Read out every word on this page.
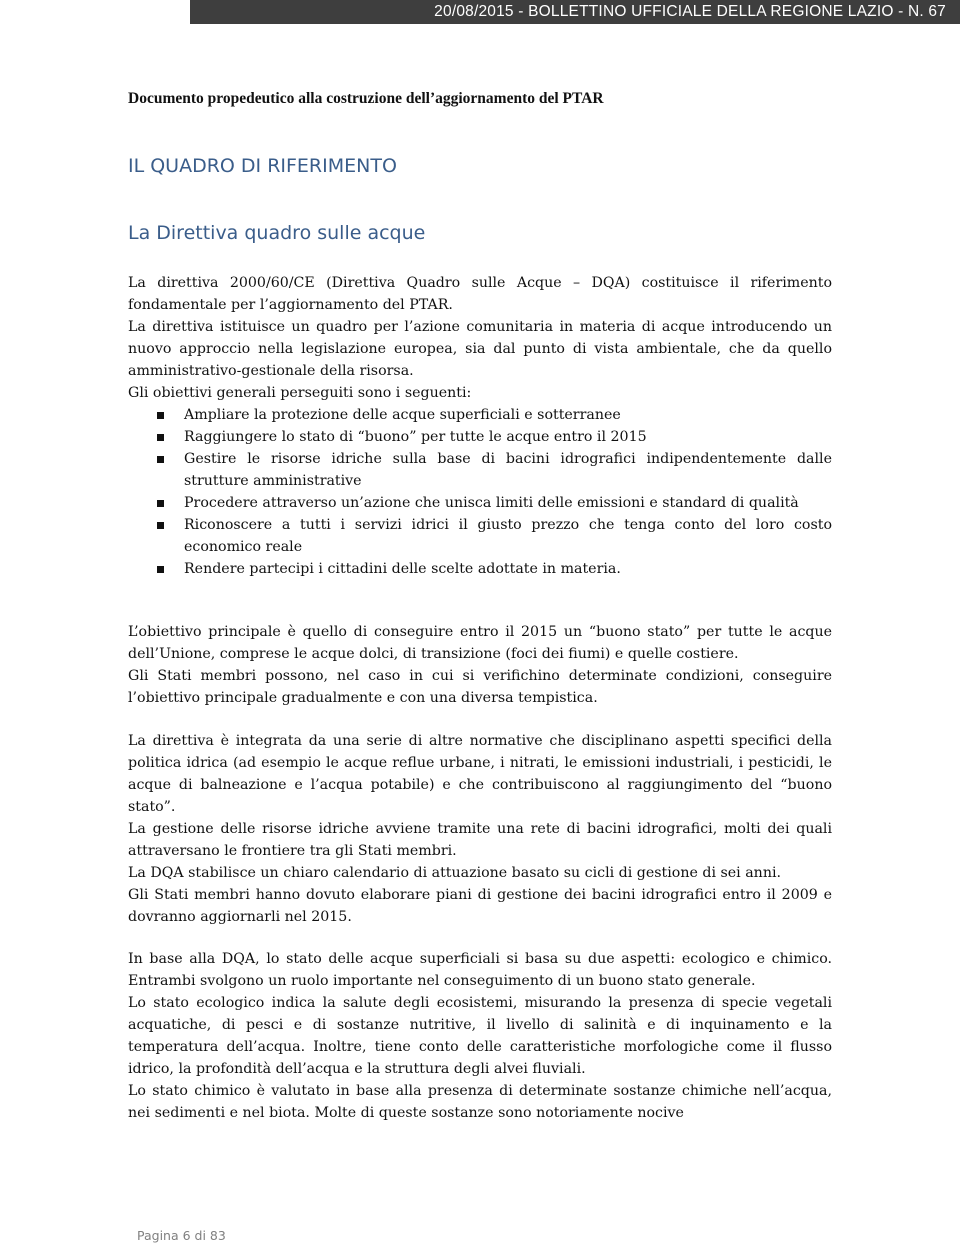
20/08/2015 - BOLLETTINO UFFICIALE DELLA REGIONE LAZIO - N. 67
Documento propedeutico alla costruzione dell’aggiornamento del PTAR
IL QUADRO DI RIFERIMENTO
La Direttiva quadro sulle acque

La direttiva 2000/60/CE (Direttiva Quadro sulle Acque – DQA) costituisce il riferimento fondamentale per l’aggiornamento del PTAR.

La direttiva istituisce un quadro per l’azione comunitaria in materia di acque introducendo un nuovo approccio nella legislazione europea, sia dal punto di vista ambientale, che da quello amministrativo-gestionale della risorsa.

Gli obiettivi generali perseguiti sono i seguenti:

Ampliare la protezione delle acque superficiali e sotterranee
Raggiungere lo stato di “buono” per tutte le acque entro il 2015
Gestire le risorse idriche sulla base di bacini idrografici indipendentemente dalle strutture amministrative
Procedere attraverso un’azione che unisca limiti delle emissioni e standard di qualità
Riconoscere a tutti i servizi idrici il giusto prezzo che tenga conto del loro costo economico reale
Rendere partecipi i cittadini delle scelte adottate in materia.

L’obiettivo principale è quello di conseguire entro il 2015 un “buono stato” per tutte le acque dell’Unione, comprese le acque dolci, di transizione (foci dei fiumi) e quelle costiere.

Gli Stati membri possono, nel caso in cui si verifichino determinate condizioni, conseguire l’obiettivo principale gradualmente e con una diversa tempistica.

La direttiva è integrata da una serie di altre normative che disciplinano aspetti specifici della politica idrica (ad esempio le acque reflue urbane, i nitrati, le emissioni industriali, i pesticidi, le acque di balneazione e l’acqua potabile) e che contribuiscono al raggiungimento del “buono stato”.

La gestione delle risorse idriche avviene tramite una rete di bacini idrografici, molti dei quali attraversano le frontiere tra gli Stati membri.

La DQA stabilisce un chiaro calendario di attuazione basato su cicli di gestione di sei anni.

Gli Stati membri hanno dovuto elaborare piani di gestione dei bacini idrografici entro il 2009 e dovranno aggiornarli nel 2015.

In base alla DQA, lo stato delle acque superficiali si basa su due aspetti: ecologico e chimico. Entrambi svolgono un ruolo importante nel conseguimento di un buono stato generale.

Lo stato ecologico indica la salute degli ecosistemi, misurando la presenza di specie vegetali acquatiche, di pesci e di sostanze nutritive, il livello di salinità e di inquinamento e la temperatura dell’acqua. Inoltre, tiene conto delle caratteristiche morfologiche come il flusso idrico, la profondità dell’acqua e la struttura degli alvei fluviali.

Lo stato chimico è valutato in base alla presenza di determinate sostanze chimiche nell’acqua, nei sedimenti e nel biota. Molte di queste sostanze sono notoriamente nocive

Pagina 6 di 83
